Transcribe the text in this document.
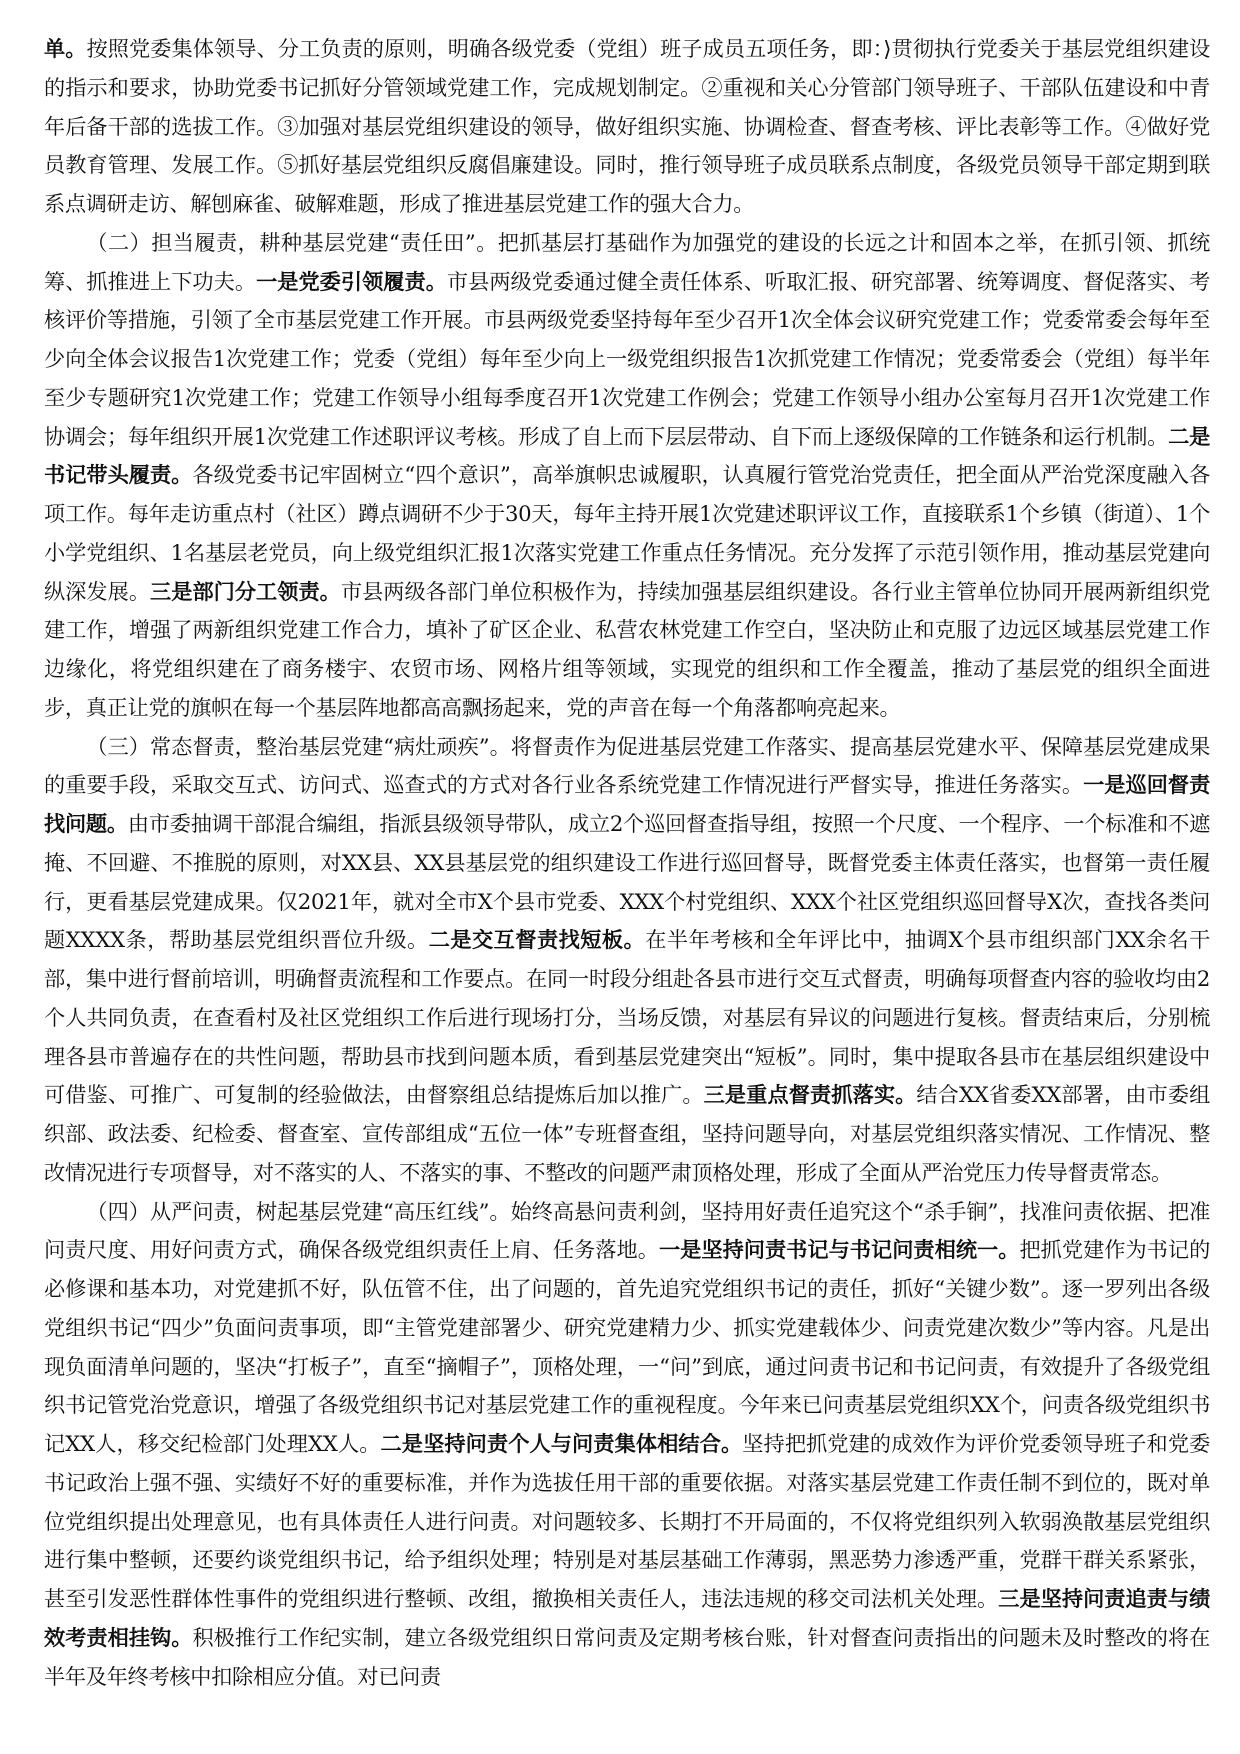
单。按照党委集体领导、分工负责的原则，明确各级党委（党组）班子成员五项任务，即：⟩贯彻执行党委关于基层党组织建设的指示和要求，协助党委书记抓好分管领域党建工作，完成规划制定。②重视和关心分管部门领导班子、干部队伍建设和中青年后备干部的选拔工作。③加强对基层党组织建设的领导，做好组织实施、协调检查、督查考核、评比表彰等工作。④做好党员教育管理、发展工作。⑤抓好基层党组织反腐倡廉建设。同时，推行领导班子成员联系点制度，各级党员领导干部定期到联系点调研走访、解刨麻雀、破解难题，形成了推进基层党建工作的强大合力。

（二）担当履责，耕种基层党建“责任田”。把抓基层打基础作为加强党的建设的长远之计和固本之举，在抓引领、抓统筹、抓推进上下功夫。一是党委引领履责。市县两级党委通过健全责任体系、听取汇报、研究部署、统筹调度、督促落实、考核评价等措施，引领了全市基层党建工作开展。市县两级党委坚持每年至少召开1次全体会议研究党建工作；党委常委会每年至少向全体会议报告1次党建工作；党委（党组）每年至少向上一级党组织报告1次抓党建工作情况；党委常委会（党组）每半年至少专题研究1次党建工作；党建工作领导小组每季度召开1次党建工作例会；党建工作领导小组办公室每月召开1次党建工作协调会；每年组织开展1次党建工作述职评议考核。形成了自上而下层层带动、自下而上逐级保障的工作链条和运行机制。二是书记带头履责。各级党委书记牢固树立“四个意识”，高举旗帜忠诚履职，认真履行管党治党责任，把全面从严治党深度融入各项工作。每年走访重点村（社区）蹲点调研不少于30天，每年主持开展1次党建述职评议工作，直接联系1个乡镇（街道）、1个小学党组织、1名基层老党员，向上级党组织汇报1次落实党建工作重点任务情况。充分发挥了示范引领作用，推动基层党建向纵深发展。三是部门分工领责。市县两级各部门单位积极作为，持续加强基层组织建设。各行业主管单位协同开展两新组织党建工作，增强了两新组织党建工作合力，填补了矿区企业、私营农林党建工作空白，坚决防止和克服了边远区域基层党建工作边缘化，将党组织建在了商务楼宇、农贸市场、网格片组等领域，实现党的组织和工作全覆盖，推动了基层党的组织全面进步，真正让党的旗帜在每一个基层阵地都高高飘扬起来，党的声音在每一个角落都响亮起来。

（三）常态督责，整治基层党建“病灶顽疾”。将督责作为促进基层党建工作落实、提高基层党建水平、保障基层党建成果的重要手段，采取交互式、访问式、巡查式的方式对各行业各系统党建工作情况进行严督实导，推进任务落实。一是巡回督责找问题。由市委抽调干部混合编组，指派县级领导带队，成立2个巡回督查指导组，按照一个尺度、一个程序、一个标准和不遮掩、不回避、不推脱的原则，对XX县、XX县基层党的组织建设工作进行巡回督导，既督党委主体责任落实，也督第一责任履行，更看基层党建成果。仅2021年，就对全市X个县市党委、XXX个村党组织、XXX个社区党组织巡回督导X次，查找各类问题XXXX条，帮助基层党组织晋位升级。二是交互督责找短板。在半年考核和全年评比中，抽调X个县市组织部门XX余名干部，集中进行督前培训，明确督责流程和工作要点。在同一时段分组赴各县市进行交互式督责，明确每项督查内容的验收均由2个人共同负责，在查看村及社区党组织工作后进行现场打分，当场反馈，对基层有异议的问题进行复核。督责结束后，分别梳理各县市普遍存在的共性问题，帮助县市找到问题本质，看到基层党建突出“短板”。同时，集中提取各县市在基层组织建设中可借鉴、可推广、可复制的经验做法，由督察组总结提炼后加以推广。三是重点督责抓落实。结合XX省委XX部署，由市委组织部、政法委、纪检委、督查室、宣传部组成“五位一体”专班督查组，坚持问题导向，对基层党组织落实情况、工作情况、整改情况进行专项督导，对不落实的人、不落实的事、不整改的问题严肃顶格处理，形成了全面从严治党压力传导督责常态。

（四）从严问责，树起基层党建“高压红线”。始终高悬问责利剑，坚持用好责任追究这个“杀手锏”，找准问责依据、把准问责尺度、用好问责方式，确保各级党组织责任上肩、任务落地。一是坚持问责书记与书记问责相统一。把抓党建作为书记的必修课和基本功，对党建抓不好，队伍管不住，出了问题的，首先追究党组织书记的责任，抓好“关键少数”。逐一罗列出各级党组织书记“四少”负面问责事项，即“主管党建部署少、研究党建精力少、抓实党建载体少、问责党建次数少”等内容。凡是出现负面清单问题的，坚决“打板子”，直至“摘帽子”，顶格处理，一“问”到底，通过问责书记和书记问责，有效提升了各级党组织书记管党治党意识，增强了各级党组织书记对基层党建工作的重视程度。今年来已问责基层党组织XX个，问责各级党组织书记XX人，移交纪检部门处理XX人。二是坚持问责个人与问责集体相结合。坚持把抓党建的成效作为评价党委领导班子和党委书记政治上强不强、实绩好不好的重要标准，并作为选拔任用干部的重要依据。对落实基层党建工作责任制不到位的，既对单位党组织提出处理意见，也有具体责任人进行问责。对问题较多、长期打不开局面的，不仅将党组织列入软弱涣散基层党组织进行集中整顿，还要约谈党组织书记，给予组织处理；特别是对基层基础工作薄弱，黑恶势力渗透严重，党群干群关系紧张，甚至引发恶性群体性事件的党组织进行整顿、改组，撤换相关责任人，违法违规的移交司法机关处理。三是坚持问责追责与绩效考责相挂钩。积极推行工作纪实制，建立各级党组织日常问责及定期考核台账，针对督查问责指出的问题未及时整改的将在半年及年终考核中扣除相应分值。对已问责
